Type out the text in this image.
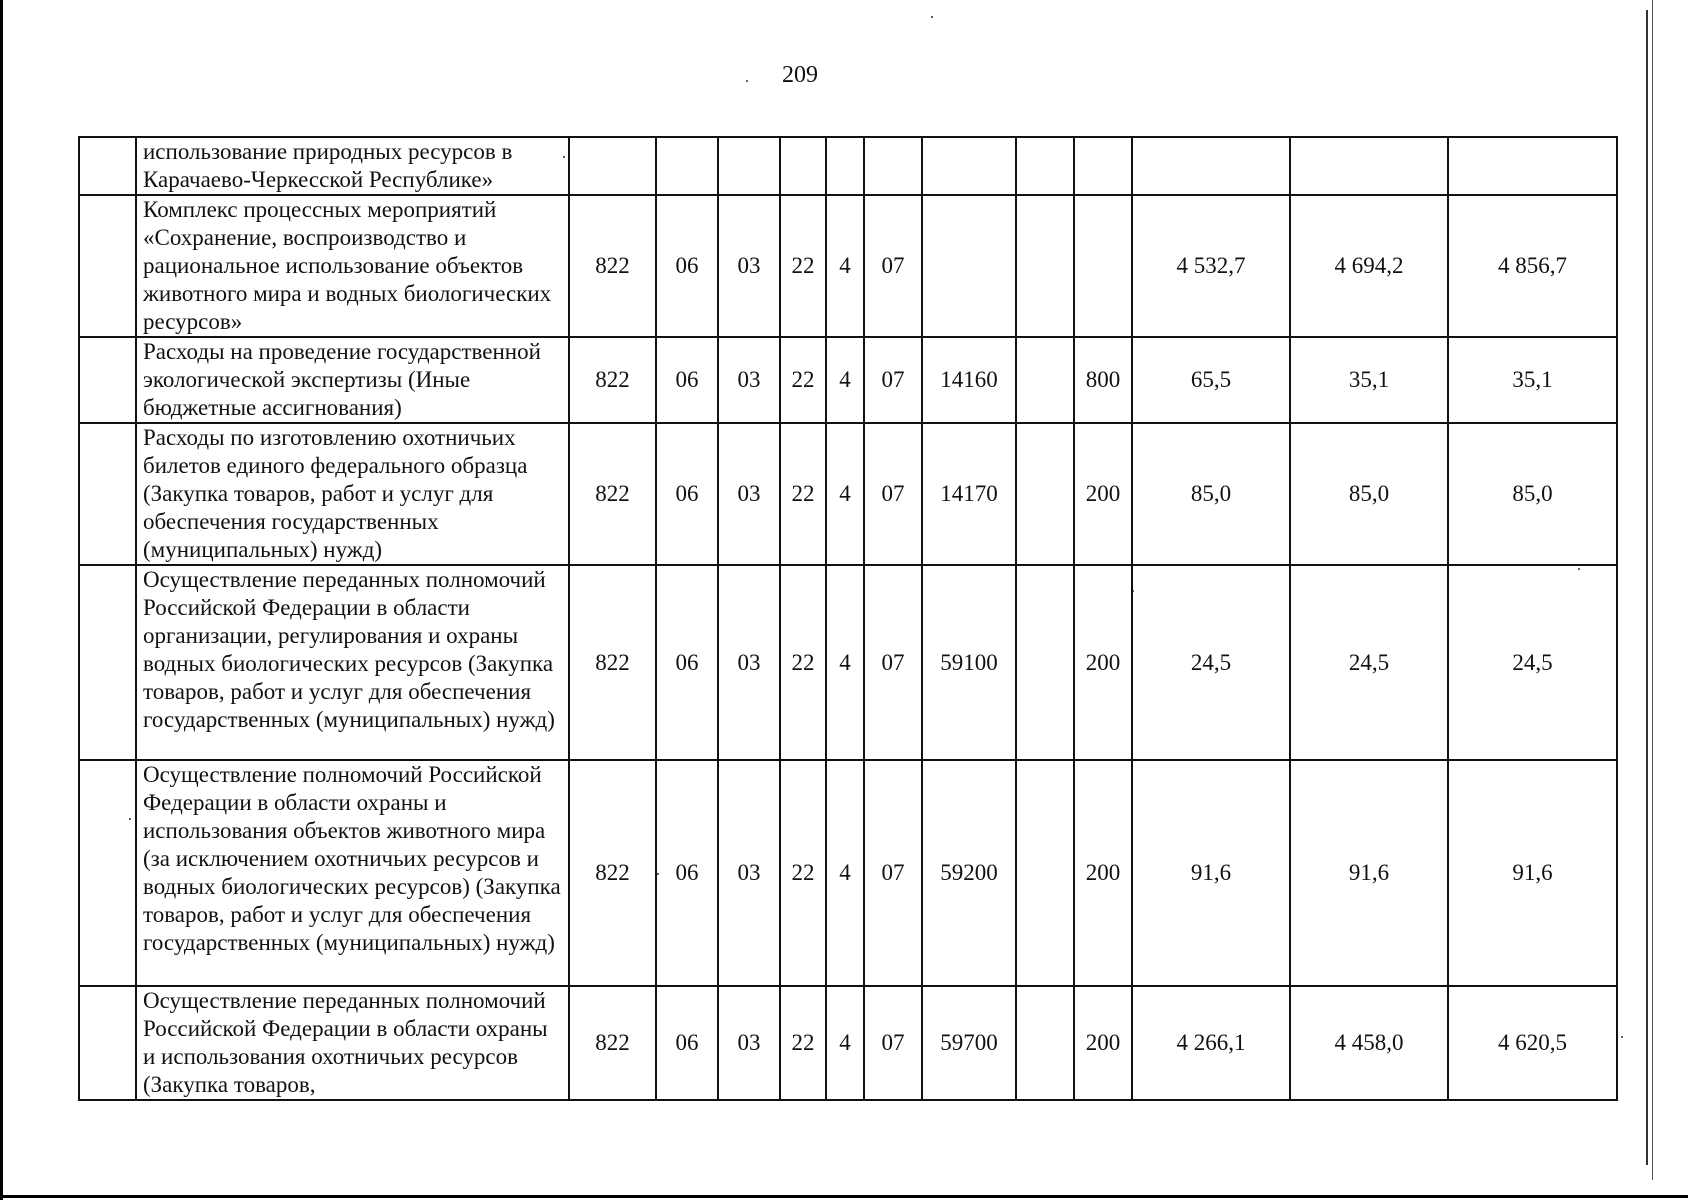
209
	использование природных ресурсов в Карачаево-Черкесской Республике»												
	Комплекс процессных мероприятий «Сохранение, воспроизводство и рациональное использование объектов животного мира и водных биологических ресурсов»	822	06	03	22	4	07				4 532,7	4 694,2	4 856,7
	Расходы на проведение государственной экологической экспертизы (Иные бюджетные ассигнования)	822	06	03	22	4	07	14160		800	65,5	35,1	35,1
	Расходы по изготовлению охотничьих билетов единого федерального образца (Закупка товаров, работ и услуг для обеспечения государственных (муниципальных) нужд)	822	06	03	22	4	07	14170		200	85,0	85,0	85,0
	Осуществление переданных полномочий Российской Федерации в области организации, регулирования и охраны водных биологических ресурсов (Закупка товаров, работ и услуг для обеспечения государственных (муниципальных) нужд)	822	06	03	22	4	07	59100		200	24,5	24,5	24,5
	Осуществление полномочий Российской Федерации в области охраны и использования объектов животного мира (за исключением охотничьих ресурсов и водных биологических ресурсов) (Закупка товаров, работ и услуг для обеспечения государственных (муниципальных) нужд)	822	06	03	22	4	07	59200		200	91,6	91,6	91,6
	Осуществление переданных полномочий Российской Федерации в области охраны и использования охотничьих ресурсов (Закупка товаров,	822	06	03	22	4	07	59700		200	4 266,1	4 458,0	4 620,5
